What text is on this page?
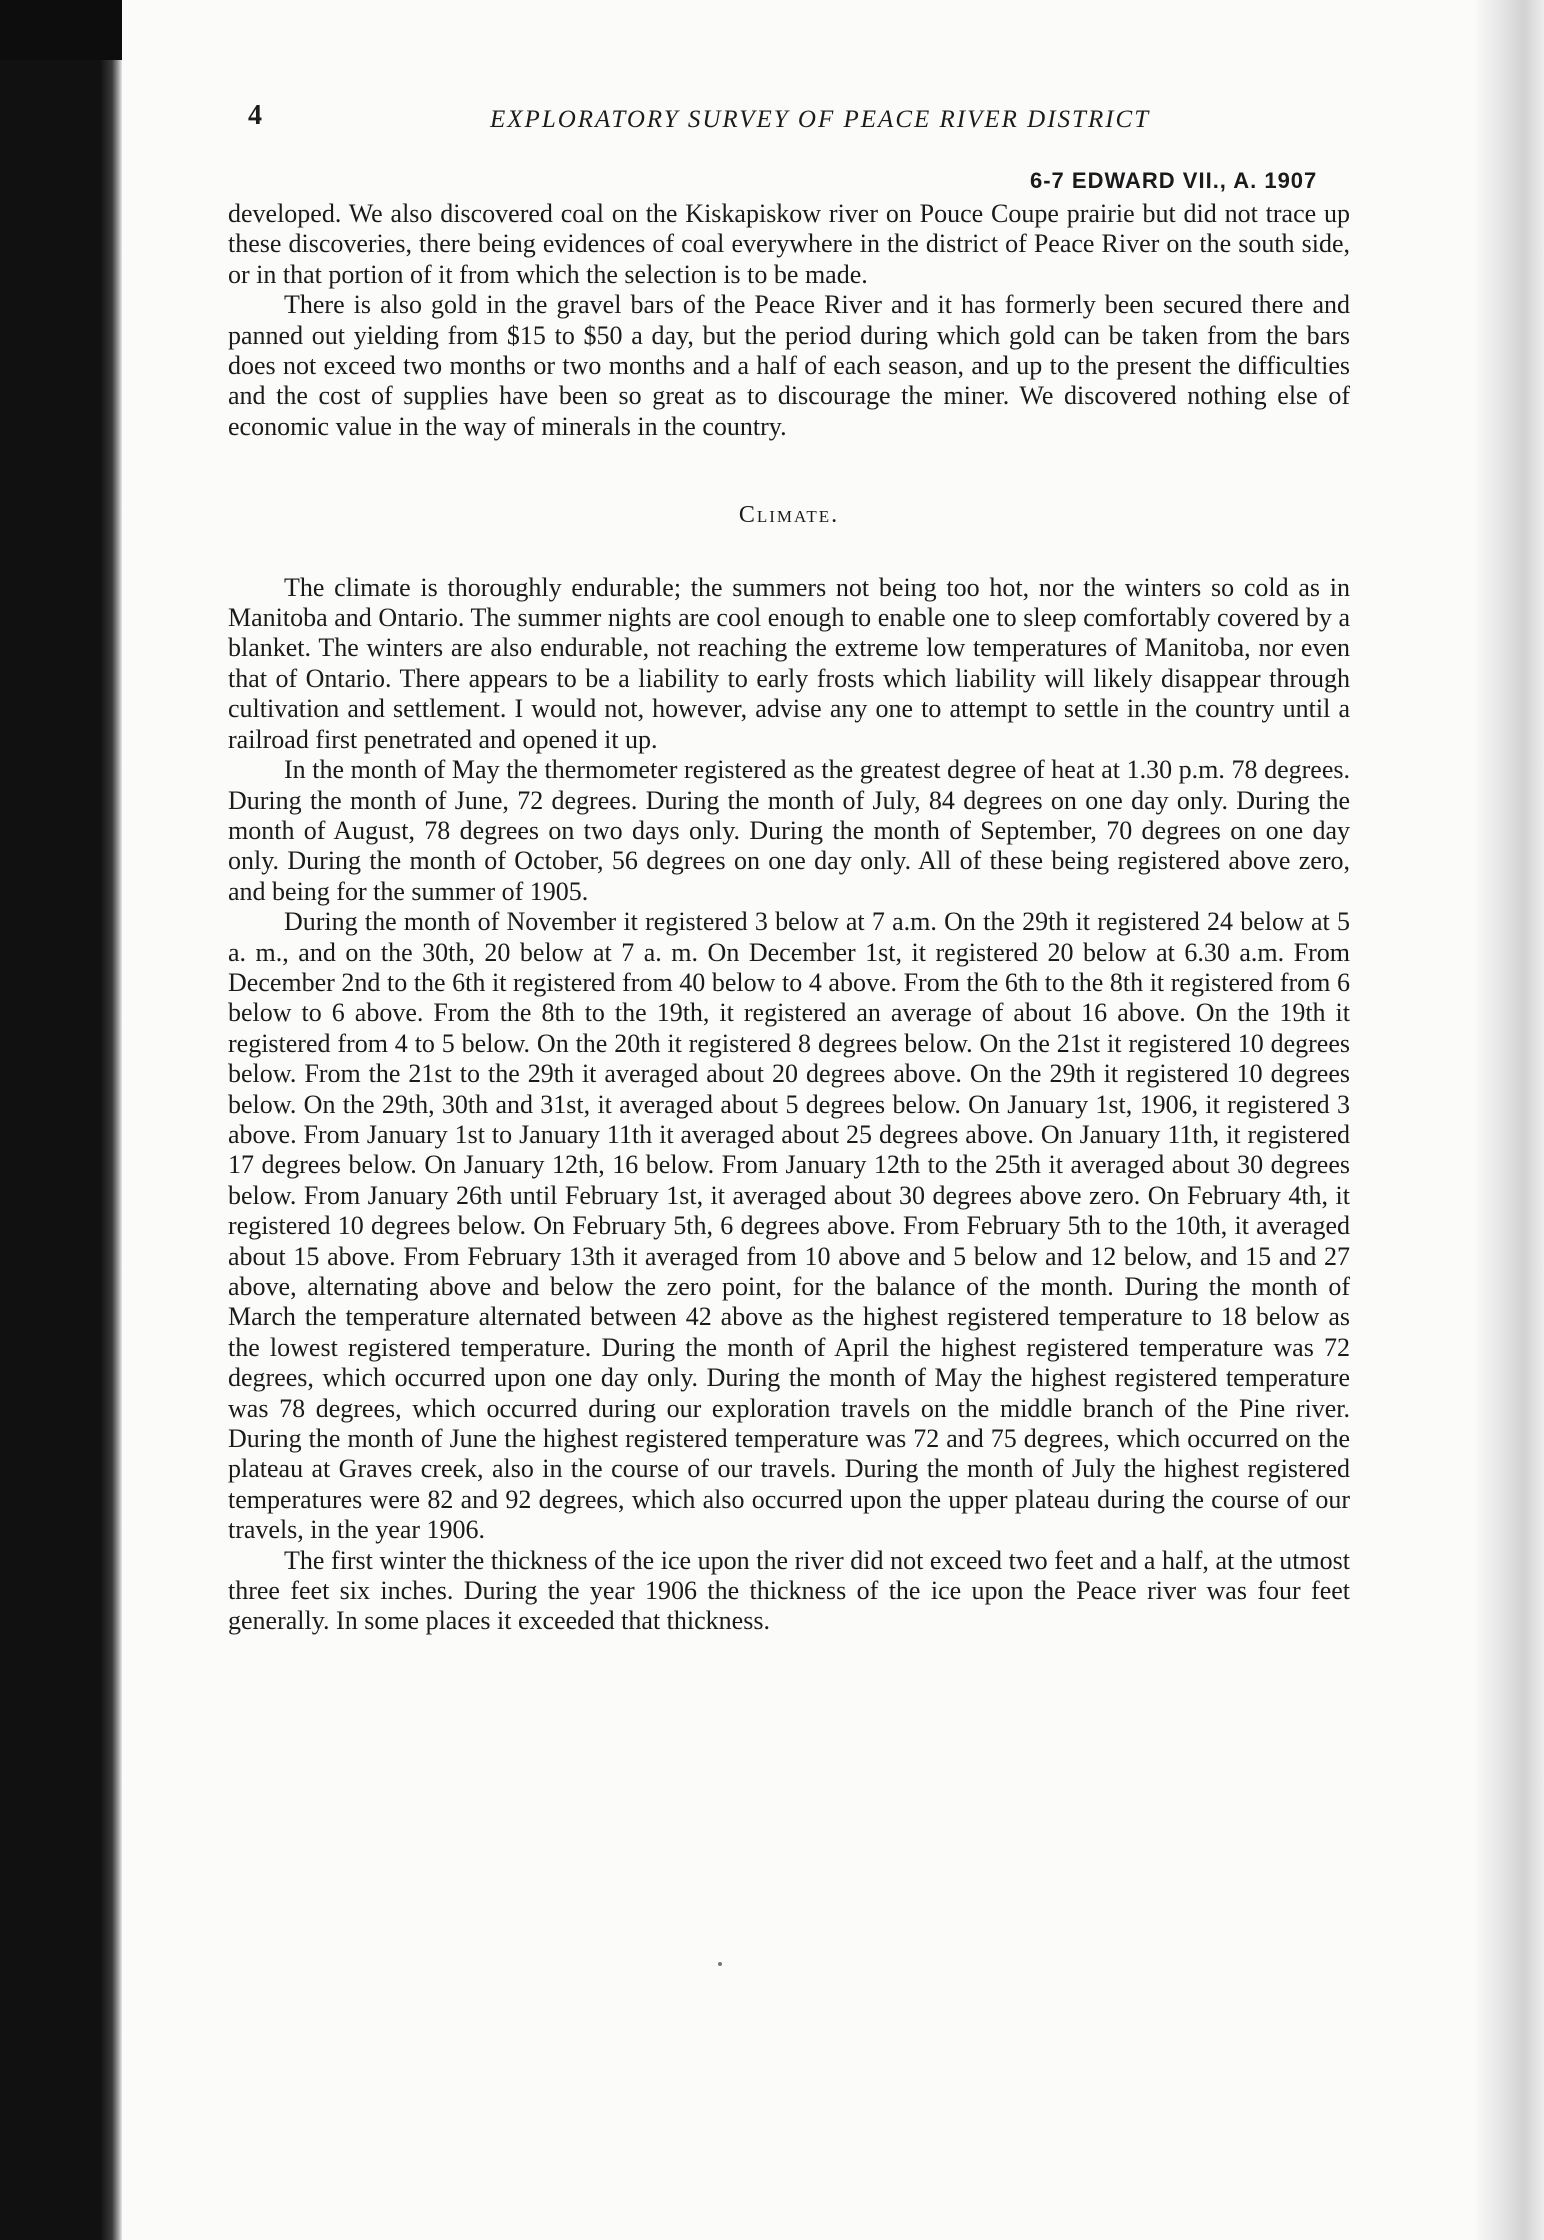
4	EXPLORATORY SURVEY OF PEACE RIVER DISTRICT
6-7 EDWARD VII., A. 1907

developed. We also discovered coal on the Kiskapiskow river on Pouce Coupe prairie but did not trace up these discoveries, there being evidences of coal everywhere in the district of Peace River on the south side, or in that portion of it from which the selection is to be made.

There is also gold in the gravel bars of the Peace River and it has formerly been secured there and panned out yielding from $15 to $50 a day, but the period during which gold can be taken from the bars does not exceed two months or two months and a half of each season, and up to the present the difficulties and the cost of supplies have been so great as to discourage the miner. We discovered nothing else of economic value in the way of minerals in the country.

Climate.

The climate is thoroughly endurable; the summers not being too hot, nor the winters so cold as in Manitoba and Ontario. The summer nights are cool enough to enable one to sleep comfortably covered by a blanket. The winters are also endurable, not reaching the extreme low temperatures of Manitoba, nor even that of Ontario. There appears to be a liability to early frosts which liability will likely disappear through cultivation and settlement. I would not, however, advise any one to attempt to settle in the country until a railroad first penetrated and opened it up.

In the month of May the thermometer registered as the greatest degree of heat at 1.30 p.m. 78 degrees. During the month of June, 72 degrees. During the month of July, 84 degrees on one day only. During the month of August, 78 degrees on two days only. During the month of September, 70 degrees on one day only. During the month of October, 56 degrees on one day only. All of these being registered above zero, and being for the summer of 1905.

During the month of November it registered 3 below at 7 a.m. On the 29th it registered 24 below at 5 a. m., and on the 30th, 20 below at 7 a. m. On December 1st, it registered 20 below at 6.30 a.m. From December 2nd to the 6th it registered from 40 below to 4 above. From the 6th to the 8th it registered from 6 below to 6 above. From the 8th to the 19th, it registered an average of about 16 above. On the 19th it registered from 4 to 5 below. On the 20th it registered 8 degrees below. On the 21st it registered 10 degrees below. From the 21st to the 29th it averaged about 20 degrees above. On the 29th it registered 10 degrees below. On the 29th, 30th and 31st, it averaged about 5 degrees below. On January 1st, 1906, it registered 3 above. From January 1st to January 11th it averaged about 25 degrees above. On January 11th, it registered 17 degrees below. On January 12th, 16 below. From January 12th to the 25th it averaged about 30 degrees below. From January 26th until February 1st, it averaged about 30 degrees above zero. On February 4th, it registered 10 degrees below. On February 5th, 6 degrees above. From February 5th to the 10th, it averaged about 15 above. From February 13th it averaged from 10 above and 5 below and 12 below, and 15 and 27 above, alternating above and below the zero point, for the balance of the month. During the month of March the temperature alternated between 42 above as the highest registered temperature to 18 below as the lowest registered temperature. During the month of April the highest registered temperature was 72 degrees, which occurred upon one day only. During the month of May the highest registered temperature was 78 degrees, which occurred during our exploration travels on the middle branch of the Pine river. During the month of June the highest registered temperature was 72 and 75 degrees, which occurred on the plateau at Graves creek, also in the course of our travels. During the month of July the highest registered temperatures were 82 and 92 degrees, which also occurred upon the upper plateau during the course of our travels, in the year 1906.

The first winter the thickness of the ice upon the river did not exceed two feet and a half, at the utmost three feet six inches. During the year 1906 the thickness of the ice upon the Peace river was four feet generally. In some places it exceeded that thickness.
